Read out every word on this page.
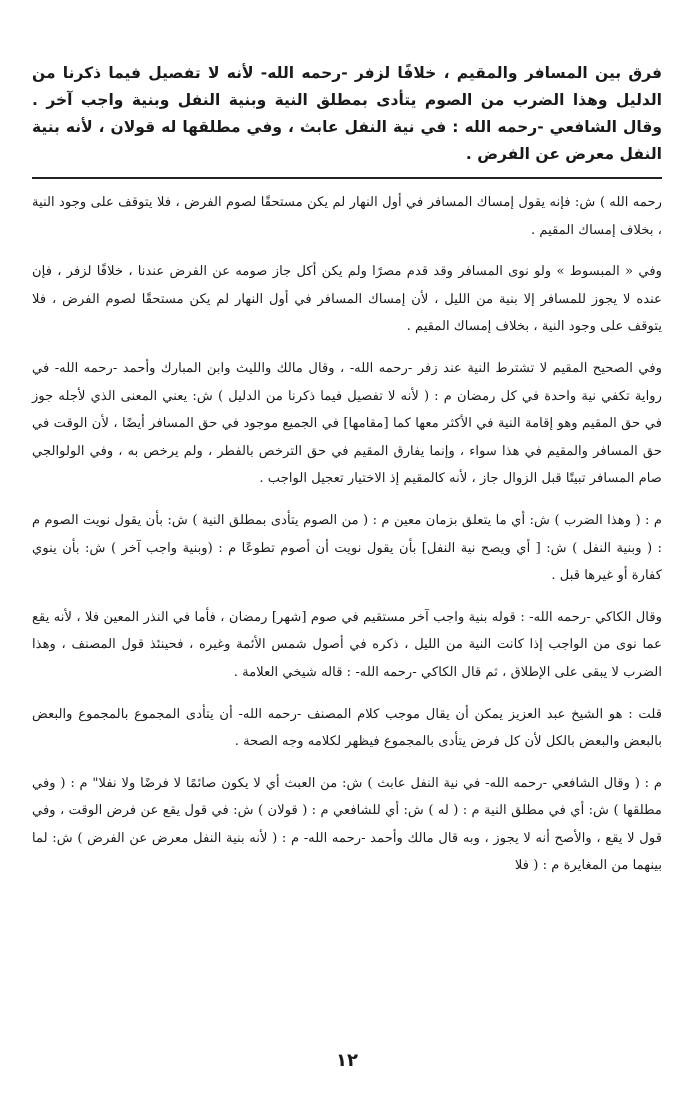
فرق بين المسافر والمقيم ، خلافًا لزفر -رحمه الله- لأنه لا تفصيل فيما ذكرنا من الدليل وهذا الضرب من الصوم يتأدى بمطلق النية وبنية النفل وبنية واجب آخر . وقال الشافعي -رحمه الله : في نية النفل عابث ، وفي مطلقها له قولان ، لأنه بنية النفل معرض عن الفرض .

رحمه الله ) ش: فإنه يقول إمساك المسافر في أول النهار لم يكن مستحقًا لصوم الفرض ، فلا يتوقف على وجود النية ، بخلاف إمساك المقيم .

وفي « المبسوط » ولو نوى المسافر وقد قدم مصرًا ولم يكن أكل جاز صومه عن الفرض عندنا ، خلافًا لزفر ، فإن عنده لا يجوز للمسافر إلا بنية من الليل ، لأن إمساك المسافر في أول النهار لم يكن مستحقًا لصوم الفرض ، فلا يتوقف على وجود النية ، بخلاف إمساك المقيم .

وفي الصحيح المقيم لا تشترط النية عند زفر -رحمه الله- ، وقال مالك والليث وابن المبارك وأحمد -رحمه الله- في رواية تكفي نية واحدة في كل رمضان م : ( لأنه لا تفصيل فيما ذكرنا من الدليل ) ش: يعني المعنى الذي لأجله جوز في حق المقيم وهو إقامة النية في الأكثر معها كما [مقامها] في الجميع موجود في حق المسافر أيضًا ، لأن الوقت في حق المسافر والمقيم في هذا سواء ، وإنما يفارق المقيم في حق الترخص بالفطر ، ولم يرخص به ، وفي الولوالجي صام المسافر تبيتًا قبل الزوال جاز ، لأنه كالمقيم إذ الاختيار تعجيل الواجب .

م : ( وهذا الضرب ) ش: أي ما يتعلق بزمان معين م : ( من الصوم يتأدى بمطلق النية ) ش: بأن يقول نويت الصوم م : ( وبنية النفل ) ش: [ أي ويصح نية النفل] بأن يقول نويت أن أصوم تطوعًا م : (وبنية واجب آخر ) ش: بأن ينوي كفارة أو غيرها قبل .

وقال الكاكي -رحمه الله- : قوله بنية واجب آخر مستقيم في صوم [شهر] رمضان ، فأما في النذر المعين فلا ، لأنه يقع عما نوى من الواجب إذا كانت النية من الليل ، ذكره في أصول شمس الأئمة وغيره ، فحينئذ قول المصنف ، وهذا الضرب لا يبقى على الإطلاق ، ثم قال الكاكي -رحمه الله- : قاله شيخي العلامة .

قلت : هو الشيخ عبد العزيز يمكن أن يقال موجب كلام المصنف -رحمه الله- أن يتأدى المجموع بالمجموع والبعض بالبعض والبعض بالكل لأن كل فرض يتأدى بالمجموع فيظهر لكلامه وجه الصحة .

م : ( وقال الشافعي -رحمه الله- في نية النفل عابث ) ش: من العبث أي لا يكون صائمًا لا فرضًا ولا نفلا" م : ( وفي مطلقها ) ش: أي في مطلق النية م : ( له ) ش: أي للشافعي م : ( قولان ) ش: في قول يقع عن فرض الوقت ، وفي قول لا يقع ، والأصح أنه لا يجوز ، وبه قال مالك وأحمد -رحمه الله- م : ( لأنه بنية النفل معرض عن الفرض ) ش: لما بينهما من المغايرة م : ( فلا

١٢
